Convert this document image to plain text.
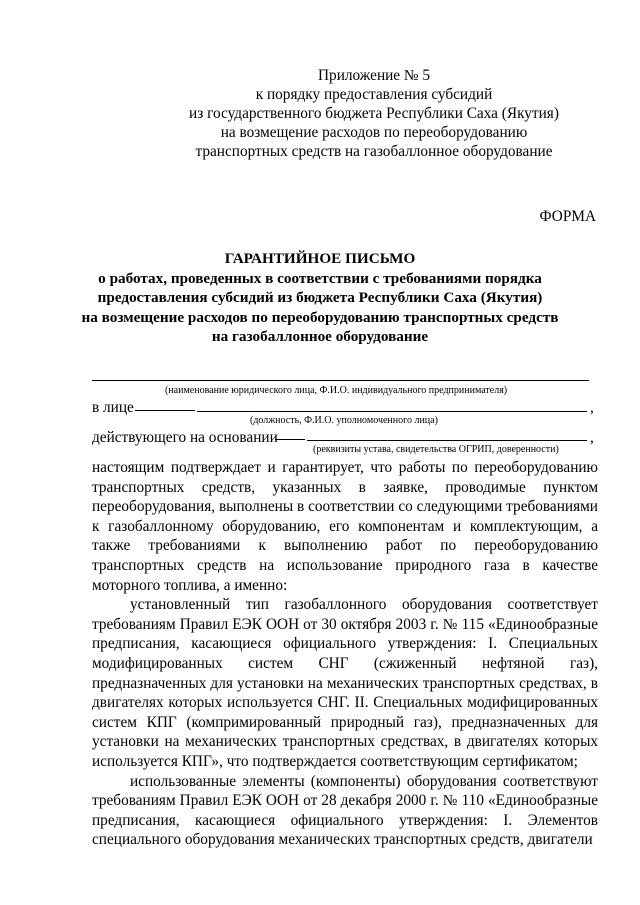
Приложение № 5
к порядку предоставления субсидий
из государственного бюджета Республики Саха (Якутия)
на возмещение расходов по переоборудованию
транспортных средств на газобаллонное оборудование
ФОРМА
ГАРАНТИЙНОЕ ПИСЬМО
о работах, проведенных в соответствии с требованиями порядка
предоставления субсидий из бюджета Республики Саха (Якутия)
на возмещение расходов по переоборудованию транспортных средств
на газобаллонное оборудование
(наименование юридического лица, Ф.И.О. индивидуального предпринимателя)
в лице	,
(должность, Ф.И.О. уполномоченного лица)
действующего на основании	,
(реквизиты устава, свидетельства ОГРИП, доверенности)

настоящим подтверждает и гарантирует, что работы по переоборудованию транспортных средств, указанных в заявке, проводимые пунктом переоборудования, выполнены в соответствии со следующими требованиями к газобаллонному оборудованию, его компонентам и комплектующим, а также требованиями к выполнению работ по переоборудованию транспортных средств на использование природного газа в качестве моторного топлива, а именно:

установленный тип газобаллонного оборудования соответствует требованиям Правил ЕЭК ООН от 30 октября 2003 г. № 115 «Единообразные предписания, касающиеся официального утверждения: I. Специальных модифицированных систем СНГ (сжиженный нефтяной газ), предназначенных для установки на механических транспортных средствах, в двигателях которых используется СНГ. II. Специальных модифицированных систем КПГ (компримированный природный газ), предназначенных для установки на механических транспортных средствах, в двигателях которых используется КПГ», что подтверждается соответствующим сертификатом;

использованные элементы (компоненты) оборудования соответствуют требованиям Правил ЕЭК ООН от 28 декабря 2000 г. № 110 «Единообразные предписания, касающиеся официального утверждения: I. Элементов специального оборудования механических транспортных средств, двигатели
